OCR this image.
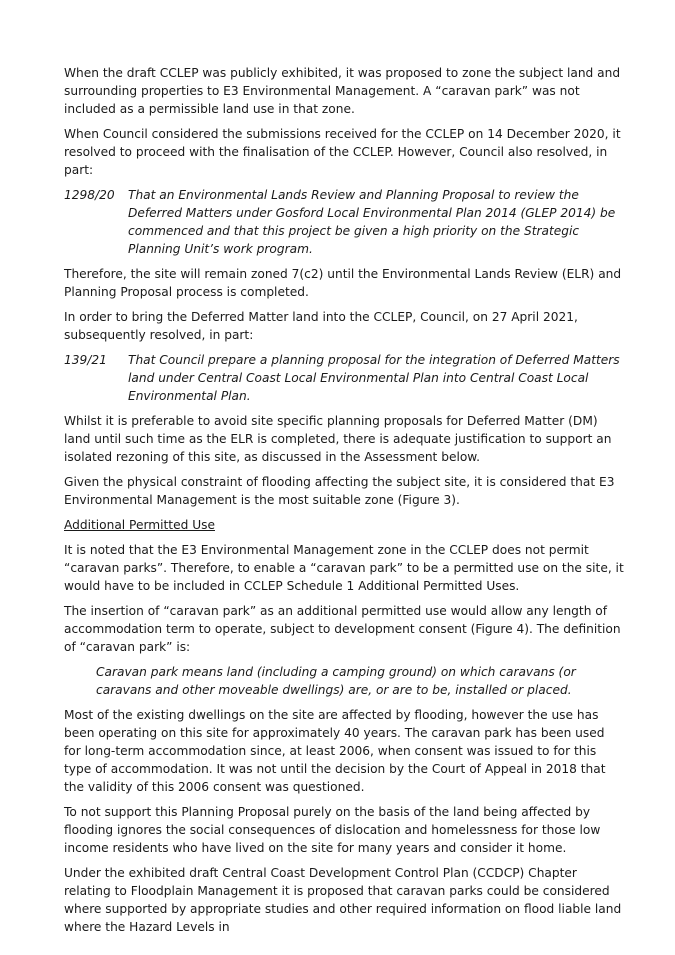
When the draft CCLEP was publicly exhibited, it was proposed to zone the subject land and surrounding properties to E3 Environmental Management. A “caravan park” was not included as a permissible land use in that zone.

When Council considered the submissions received for the CCLEP on 14 December 2020, it resolved to proceed with the finalisation of the CCLEP. However, Council also resolved, in part:

1298/20	That an Environmental Lands Review and Planning Proposal to review the Deferred Matters under Gosford Local Environmental Plan 2014 (GLEP 2014) be commenced and that this project be given a high priority on the Strategic Planning Unit’s work program.

Therefore, the site will remain zoned 7(c2) until the Environmental Lands Review (ELR) and Planning Proposal process is completed.

In order to bring the Deferred Matter land into the CCLEP, Council, on 27 April 2021, subsequently resolved, in part:

139/21	That Council prepare a planning proposal for the integration of Deferred Matters land under Central Coast Local Environmental Plan into Central Coast Local Environmental Plan.

Whilst it is preferable to avoid site specific planning proposals for Deferred Matter (DM) land until such time as the ELR is completed, there is adequate justification to support an isolated rezoning of this site, as discussed in the Assessment below.

Given the physical constraint of flooding affecting the subject site, it is considered that E3 Environmental Management is the most suitable zone (Figure 3).

Additional Permitted Use

It is noted that the E3 Environmental Management zone in the CCLEP does not permit “caravan parks”. Therefore, to enable a “caravan park” to be a permitted use on the site, it would have to be included in CCLEP Schedule 1 Additional Permitted Uses.

The insertion of “caravan park” as an additional permitted use would allow any length of accommodation term to operate, subject to development consent (Figure 4). The definition of “caravan park” is:

Caravan park means land (including a camping ground) on which caravans (or caravans and other moveable dwellings) are, or are to be, installed or placed.

Most of the existing dwellings on the site are affected by flooding, however the use has been operating on this site for approximately 40 years. The caravan park has been used for long-term accommodation since, at least 2006, when consent was issued to for this type of accommodation. It was not until the decision by the Court of Appeal in 2018 that the validity of this 2006 consent was questioned.

To not support this Planning Proposal purely on the basis of the land being affected by flooding ignores the social consequences of dislocation and homelessness for those low income residents who have lived on the site for many years and consider it home.

Under the exhibited draft Central Coast Development Control Plan (CCDCP) Chapter relating to Floodplain Management it is proposed that caravan parks could be considered where supported by appropriate studies and other required information on flood liable land where the Hazard Levels in
